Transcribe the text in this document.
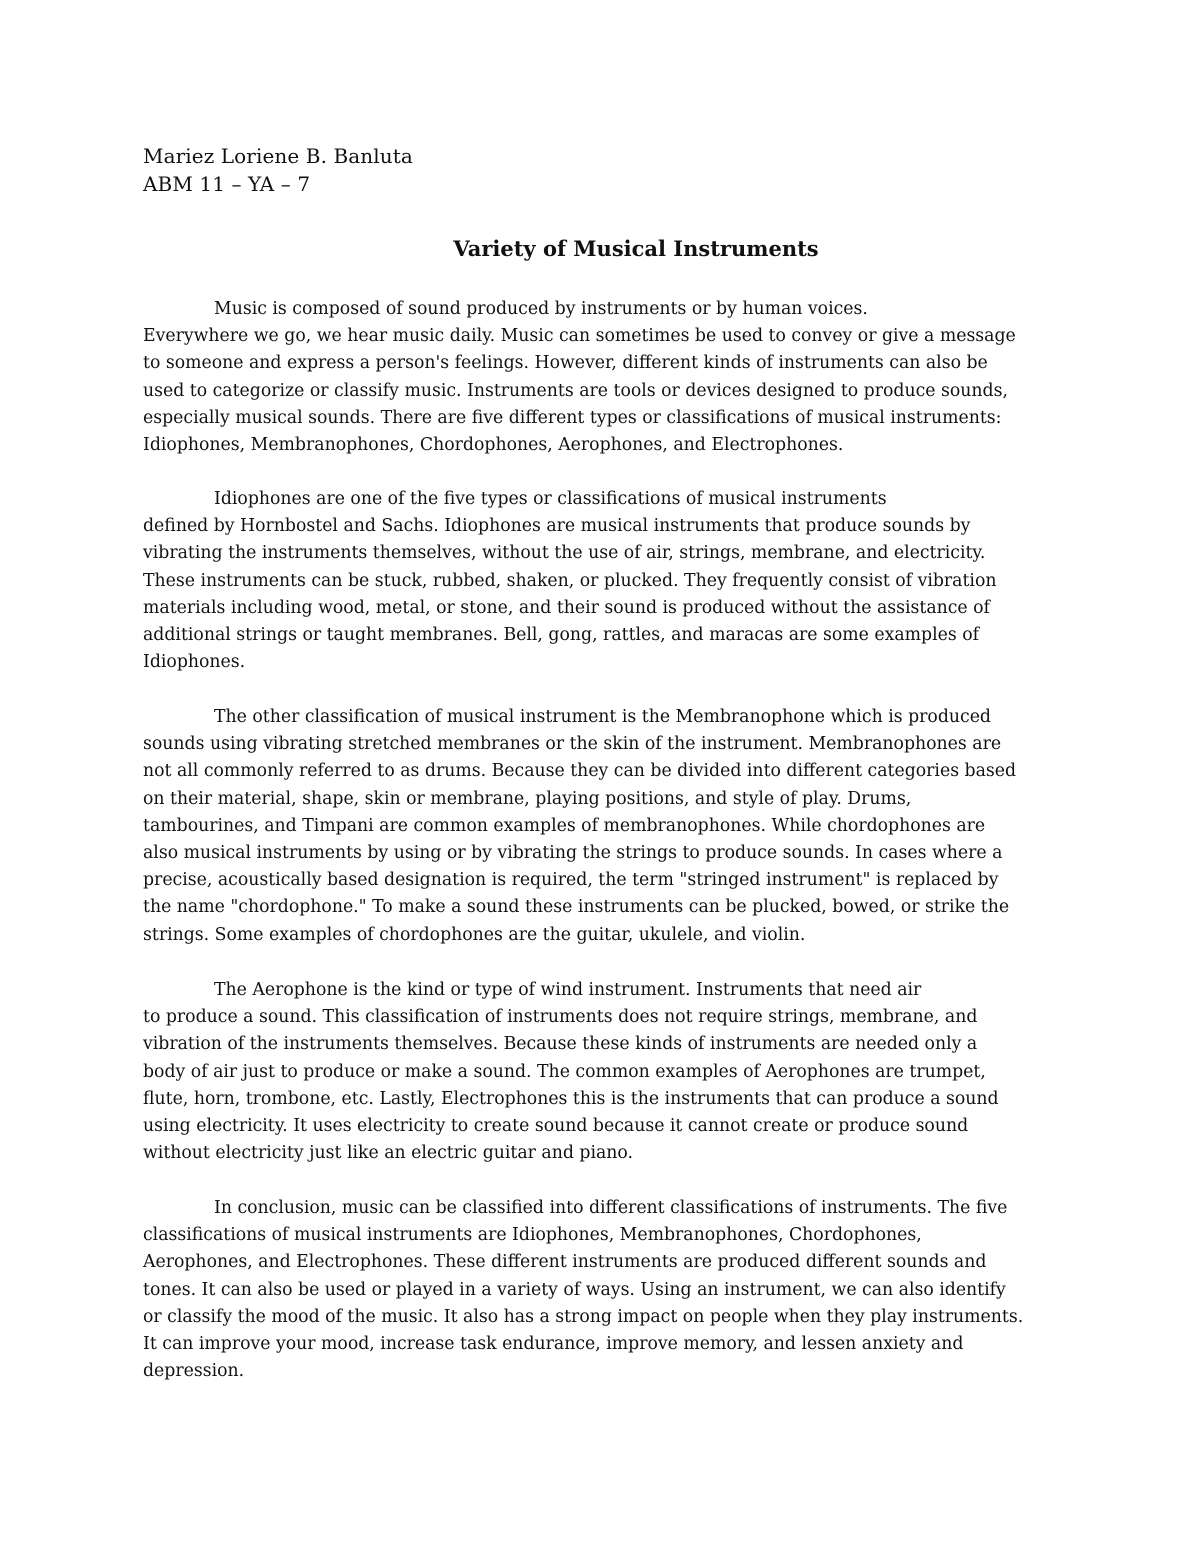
Mariez Loriene B. Banluta
ABM 11 – YA – 7
Variety of Musical Instruments
Music is composed of sound produced by instruments or by human voices.
Everywhere we go, we hear music daily. Music can sometimes be used to convey or give a message
to someone and express a person's feelings. However, different kinds of instruments can also be
used to categorize or classify music. Instruments are tools or devices designed to produce sounds,
especially musical sounds. There are five different types or classifications of musical instruments:
Idiophones, Membranophones, Chordophones, Aerophones, and Electrophones.
Idiophones are one of the five types or classifications of musical instruments
defined by Hornbostel and Sachs. Idiophones are musical instruments that produce sounds by
vibrating the instruments themselves, without the use of air, strings, membrane, and electricity.
These instruments can be stuck, rubbed, shaken, or plucked. They frequently consist of vibration
materials including wood, metal, or stone, and their sound is produced without the assistance of
additional strings or taught membranes. Bell, gong, rattles, and maracas are some examples of
Idiophones.
The other classification of musical instrument is the Membranophone which is produced
sounds using vibrating stretched membranes or the skin of the instrument. Membranophones are
not all commonly referred to as drums. Because they can be divided into different categories based
on their material, shape, skin or membrane, playing positions, and style of play. Drums,
tambourines, and Timpani are common examples of membranophones. While chordophones are
also musical instruments by using or by vibrating the strings to produce sounds. In cases where a
precise, acoustically based designation is required, the term "stringed instrument" is replaced by
the name "chordophone." To make a sound these instruments can be plucked, bowed, or strike the
strings. Some examples of chordophones are the guitar, ukulele, and violin.
The Aerophone is the kind or type of wind instrument. Instruments that need air
to produce a sound. This classification of instruments does not require strings, membrane, and
vibration of the instruments themselves. Because these kinds of instruments are needed only a
body of air just to produce or make a sound. The common examples of Aerophones are trumpet,
flute, horn, trombone, etc. Lastly, Electrophones this is the instruments that can produce a sound
using electricity. It uses electricity to create sound because it cannot create or produce sound
without electricity just like an electric guitar and piano.
In conclusion, music can be classified into different classifications of instruments. The five
classifications of musical instruments are Idiophones, Membranophones, Chordophones,
Aerophones, and Electrophones. These different instruments are produced different sounds and
tones. It can also be used or played in a variety of ways. Using an instrument, we can also identify
or classify the mood of the music. It also has a strong impact on people when they play instruments.
It can improve your mood, increase task endurance, improve memory, and lessen anxiety and
depression.
